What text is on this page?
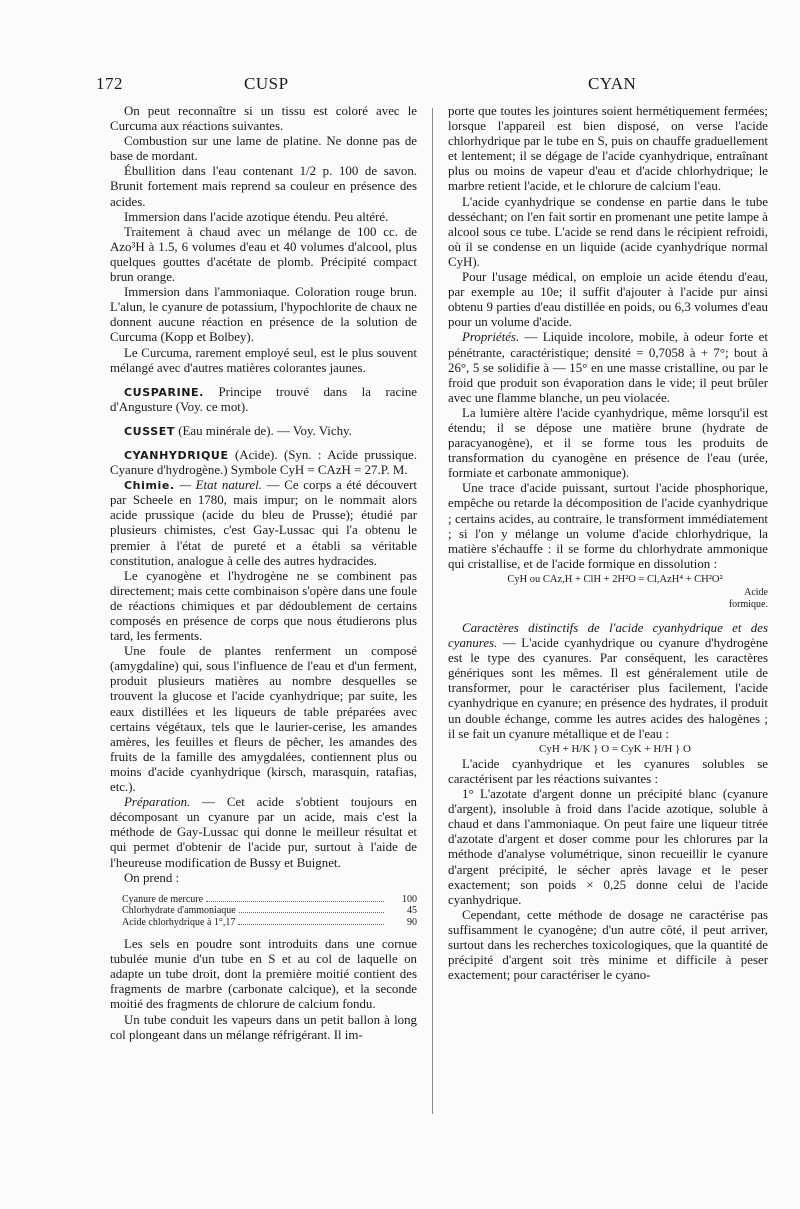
172	CUSP	CYAN

On peut reconnaître si un tissu est coloré avec le Curcuma aux réactions suivantes.

Combustion sur une lame de platine. Ne donne pas de base de mordant.

Ébullition dans l'eau contenant 1/2 p. 100 de savon. Brunit fortement mais reprend sa couleur en présence des acides.

Immersion dans l'acide azotique étendu. Peu altéré.

Traitement à chaud avec un mélange de 100 cc. de Azo³H à 1.5, 6 volumes d'eau et 40 volumes d'alcool, plus quelques gouttes d'acétate de plomb. Précipité compact brun orange.

Immersion dans l'ammoniaque. Coloration rouge brun. L'alun, le cyanure de potassium, l'hypochlorite de chaux ne donnent aucune réaction en présence de la solution de Curcuma (Kopp et Bolbey).

Le Curcuma, rarement employé seul, est le plus souvent mélangé avec d'autres matières colorantes jaunes.

CUSPARINE. Principe trouvé dans la racine d'Angusture (Voy. ce mot).

CUSSET (Eau minérale de). — Voy. Vichy.

CYANHYDRIQUE (Acide). (Syn. : Acide prussique. Cyanure d'hydrogène.) Symbole CyH = CAzH = 27.P. M.

Chimie. — Etat naturel. — Ce corps a été découvert par Scheele en 1780, mais impur; on le nommait alors acide prussique (acide du bleu de Prusse); étudié par plusieurs chimistes, c'est Gay-Lussac qui l'a obtenu le premier à l'état de pureté et a établi sa véritable constitution, analogue à celle des autres hydracides.

Le cyanogène et l'hydrogène ne se combinent pas directement; mais cette combinaison s'opère dans une foule de réactions chimiques et par dédoublement de certains composés en présence de corps que nous étudierons plus tard, les ferments.

Une foule de plantes renferment un composé (amygdaline) qui, sous l'influence de l'eau et d'un ferment, produit plusieurs matières au nombre desquelles se trouvent la glucose et l'acide cyanhydrique; par suite, les eaux distillées et les liqueurs de table préparées avec certains végétaux, tels que le laurier-cerise, les amandes amères, les feuilles et fleurs de pêcher, les amandes des fruits de la famille des amygdalées, contiennent plus ou moins d'acide cyanhydrique (kirsch, marasquin, ratafias, etc.).

Préparation. — Cet acide s'obtient toujours en décomposant un cyanure par un acide, mais c'est la méthode de Gay-Lussac qui donne le meilleur résultat et qui permet d'obtenir de l'acide pur, surtout à l'aide de l'heureuse modification de Bussy et Buignet.

On prend :

Cyanure de mercure	100
Chlorhydrate d'ammoniaque	45
Acide chlorhydrique à 1°,17	90

Les sels en poudre sont introduits dans une cornue tubulée munie d'un tube en S et au col de laquelle on adapte un tube droit, dont la première moitié contient des fragments de marbre (carbonate calcique), et la seconde moitié des fragments de chlorure de calcium fondu.

Un tube conduit les vapeurs dans un petit ballon à long col plongeant dans un mélange réfrigérant. Il im-

porte que toutes les jointures soient hermétiquement fermées; lorsque l'appareil est bien disposé, on verse l'acide chlorhydrique par le tube en S, puis on chauffe graduellement et lentement; il se dégage de l'acide cyanhydrique, entraînant plus ou moins de vapeur d'eau et d'acide chlorhydrique; le marbre retient l'acide, et le chlorure de calcium l'eau.

L'acide cyanhydrique se condense en partie dans le tube desséchant; on l'en fait sortir en promenant une petite lampe à alcool sous ce tube. L'acide se rend dans le récipient refroidi, où il se condense en un liquide (acide cyanhydrique normal CyH).

Pour l'usage médical, on emploie un acide étendu d'eau, par exemple au 10e; il suffit d'ajouter à l'acide pur ainsi obtenu 9 parties d'eau distillée en poids, ou 6,3 volumes d'eau pour un volume d'acide.

Propriétés. — Liquide incolore, mobile, à odeur forte et pénétrante, caractéristique; densité = 0,7058 à + 7°; bout à 26°, 5 se solidifie à — 15° en une masse cristalline, ou par le froid que produit son évaporation dans le vide; il peut brûler avec une flamme blanche, un peu violacée.

La lumière altère l'acide cyanhydrique, même lorsqu'il est étendu; il se dépose une matière brune (hydrate de paracyanogène), et il se forme tous les produits de transformation du cyanogène en présence de l'eau (urée, formiate et carbonate ammonique).

Une trace d'acide puissant, surtout l'acide phosphorique, empêche ou retarde la décomposition de l'acide cyanhydrique ; certains acides, au contraire, le transforment immédiatement ; si l'on y mélange un volume d'acide chlorhydrique, la matière s'échauffe : il se forme du chlorhydrate ammonique qui cristallise, et de l'acide formique en dissolution :

CyH ou CAz,H + ClH + 2H²O = Cl,AzH⁴ + CH²O²

Acide
formique.

Caractères distinctifs de l'acide cyanhydrique et des cyanures. — L'acide cyanhydrique ou cyanure d'hydrogène est le type des cyanures. Par conséquent, les caractères génériques sont les mêmes. Il est généralement utile de transformer, pour le caractériser plus facilement, l'acide cyanhydrique en cyanure; en présence des hydrates, il produit un double échange, comme les autres acides des halogènes ; il se fait un cyanure métallique et de l'eau :

CyH + H/K } O = CyK + H/H } O

L'acide cyanhydrique et les cyanures solubles se caractérisent par les réactions suivantes :

1° L'azotate d'argent donne un précipité blanc (cyanure d'argent), insoluble à froid dans l'acide azotique, soluble à chaud et dans l'ammoniaque. On peut faire une liqueur titrée d'azotate d'argent et doser comme pour les chlorures par la méthode d'analyse volumétrique, sinon recueillir le cyanure d'argent précipité, le sécher après lavage et le peser exactement; son poids × 0,25 donne celui de l'acide cyanhydrique.

Cependant, cette méthode de dosage ne caractérise pas suffisamment le cyanogène; d'un autre côté, il peut arriver, surtout dans les recherches toxicologiques, que la quantité de précipité d'argent soit très minime et difficile à peser exactement; pour caractériser le cyano-
